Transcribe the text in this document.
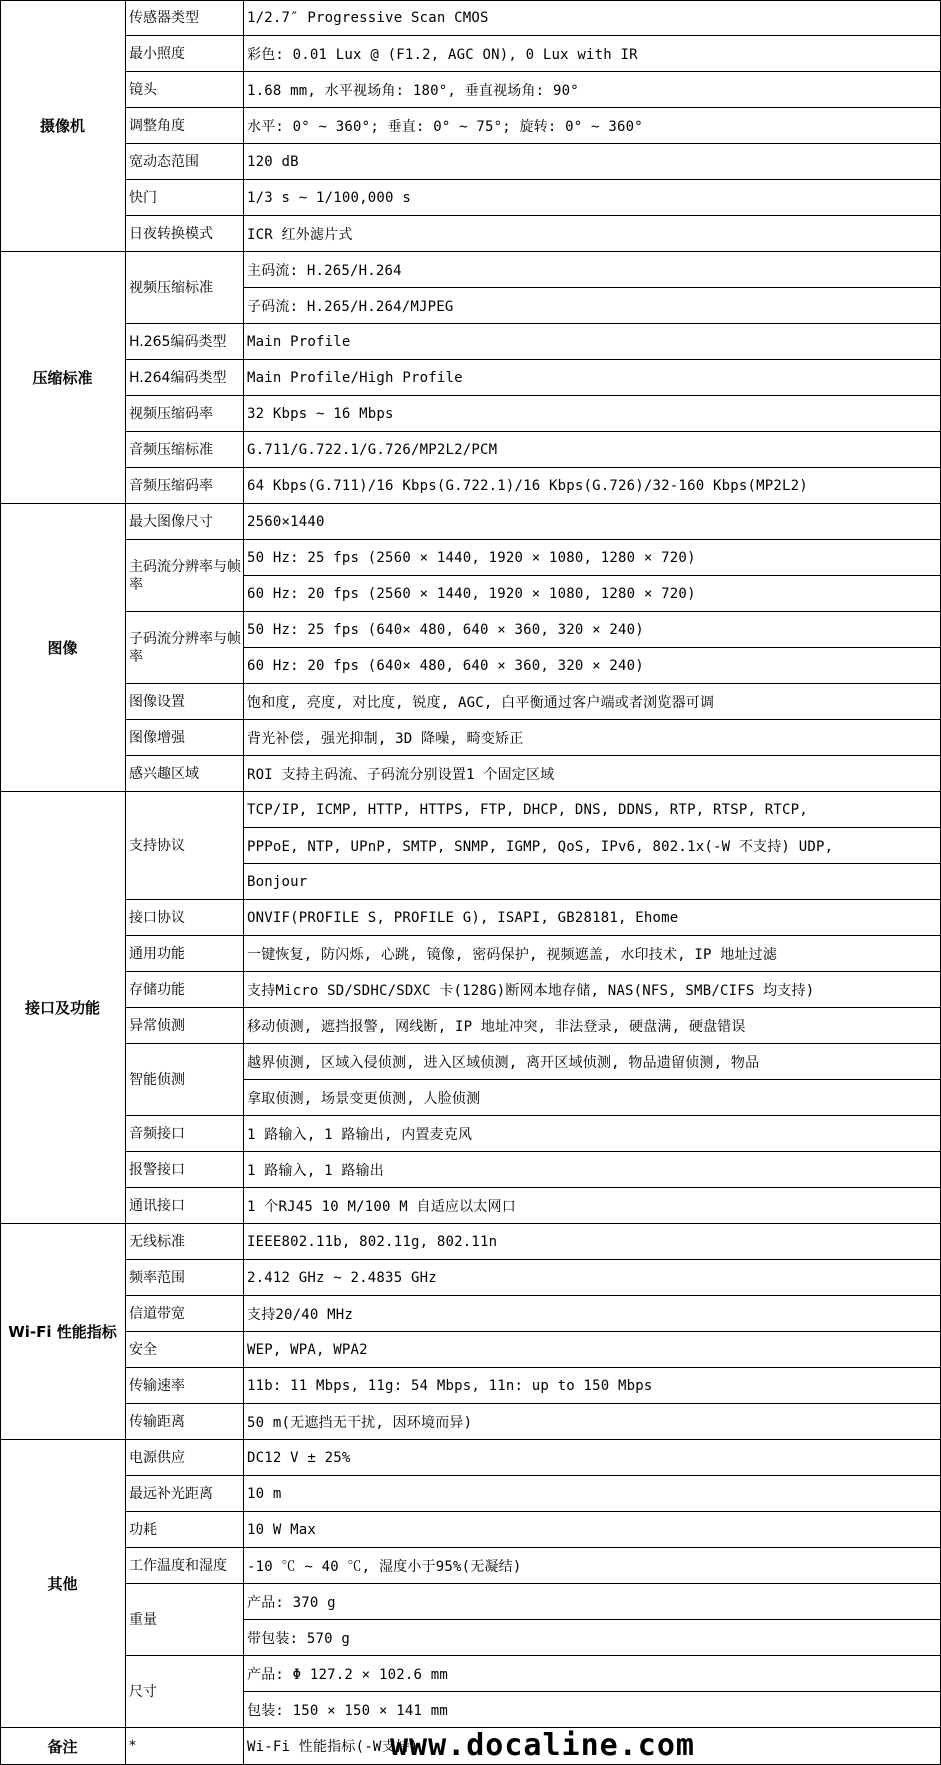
1/2.7″ Progressive Scan CMOS
传感器类型
彩色: 0.01 Lux @ (F1.2, AGC ON), 0 Lux with IR
最小照度
1.68 mm, 水平视场角: 180°, 垂直视场角: 90°
镜头
水平: 0° ~ 360°; 垂直: 0° ~ 75°; 旋转: 0° ~ 360°
调整角度
120 dB
宽动态范围
1/3 s ~ 1/100,000 s
快门
ICR 红外滤片式
日夜转换模式
摄像机
主码流: H.265/H.264
子码流: H.265/H.264/MJPEG
视频压缩标准
Main Profile
H.265编码类型
Main Profile/High Profile
H.264编码类型
32 Kbps ~ 16 Mbps
视频压缩码率
G.711/G.722.1/G.726/MP2L2/PCM
音频压缩标准
64 Kbps(G.711)/16 Kbps(G.722.1)/16 Kbps(G.726)/32-160 Kbps(MP2L2)
音频压缩码率
压缩标准
2560×1440
最大图像尺寸
50 Hz: 25 fps (2560 × 1440, 1920 × 1080, 1280 × 720)
60 Hz: 20 fps (2560 × 1440, 1920 × 1080, 1280 × 720)
主码流分辨率与帧率
50 Hz: 25 fps (640× 480, 640 × 360, 320 × 240)
60 Hz: 20 fps (640× 480, 640 × 360, 320 × 240)
子码流分辨率与帧率
饱和度, 亮度, 对比度, 锐度, AGC, 白平衡通过客户端或者浏览器可调
图像设置
背光补偿, 强光抑制, 3D 降噪, 畸变矫正
图像增强
ROI 支持主码流、子码流分别设置1 个固定区域
感兴趣区域
图像
TCP/IP, ICMP, HTTP, HTTPS, FTP, DHCP, DNS, DDNS, RTP, RTSP, RTCP,
PPPoE, NTP, UPnP, SMTP, SNMP, IGMP, QoS, IPv6, 802.1x(-W 不支持) UDP,
Bonjour
支持协议
ONVIF(PROFILE S, PROFILE G), ISAPI, GB28181, Ehome
接口协议
一键恢复, 防闪烁, 心跳, 镜像, 密码保护, 视频遮盖, 水印技术, IP 地址过滤
通用功能
支持Micro SD/SDHC/SDXC 卡(128G)断网本地存储, NAS(NFS, SMB/CIFS 均支持)
存储功能
移动侦测, 遮挡报警, 网线断, IP 地址冲突, 非法登录, 硬盘满, 硬盘错误
异常侦测
越界侦测, 区域入侵侦测, 进入区域侦测, 离开区域侦测, 物品遗留侦测, 物品
拿取侦测, 场景变更侦测, 人脸侦测
智能侦测
1 路输入, 1 路输出, 内置麦克风
音频接口
1 路输入, 1 路输出
报警接口
1 个RJ45 10 M/100 M 自适应以太网口
通讯接口
接口及功能
IEEE802.11b, 802.11g, 802.11n
无线标准
2.412 GHz ~ 2.4835 GHz
频率范围
支持20/40 MHz
信道带宽
WEP, WPA, WPA2
安全
11b: 11 Mbps, 11g: 54 Mbps, 11n: up to 150 Mbps
传输速率
50 m(无遮挡无干扰, 因环境而异)
传输距离
Wi-Fi 性能指标
DC12 V ± 25%
电源供应
10 m
最远补光距离
10 W Max
功耗
-10 ℃ ~ 40 ℃, 湿度小于95%(无凝结)
工作温度和湿度
产品: 370 g
带包装: 570 g
重量
产品: Φ 127.2 × 102.6 mm
包装: 150 × 150 × 141 mm
尺寸
其他
Wi-Fi 性能指标(-W支持)
*
备注	www.docaline.com
